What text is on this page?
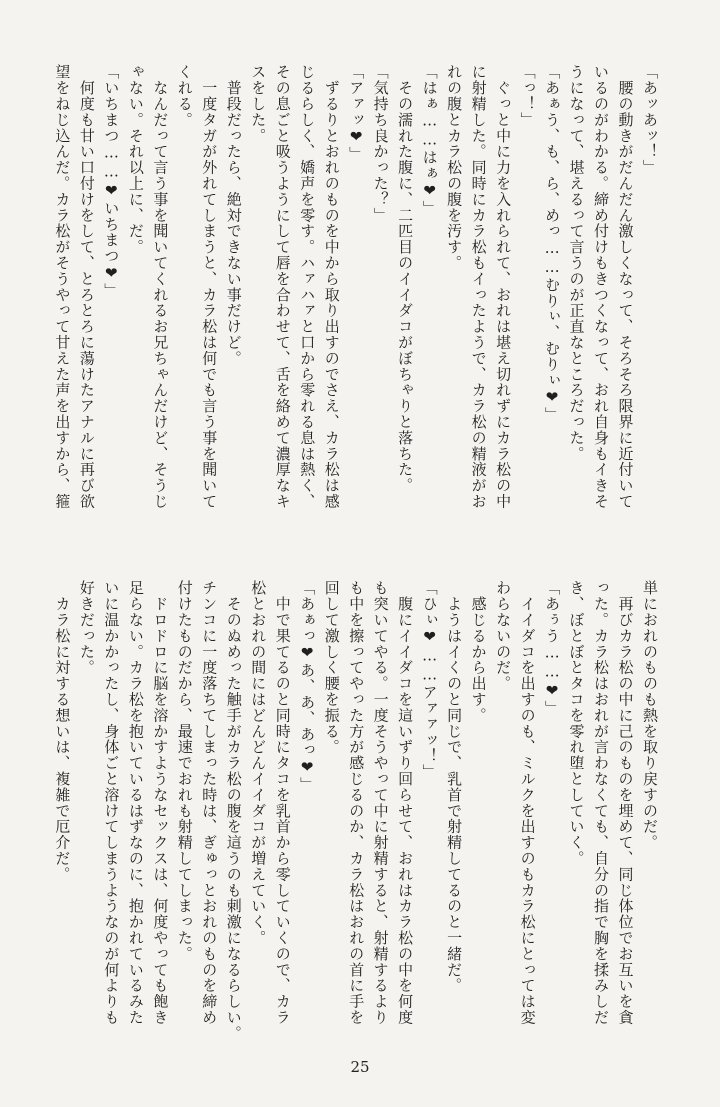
「あッあッ！」
　腰の動きがだんだん激しくなって、そろそろ限界に近付いて
いるのがわかる。締め付けもきつくなって、おれ自身もイきそ
うになって、堪えるって言うのが正直なところだった。
「あぁう、も、ら、めっ……むりぃ、むりぃ❤」
「っ！」
　ぐっと中に力を入れられて、おれは堪え切れずにカラ松の中
に射精した。同時にカラ松もイったようで、カラ松の精液がお
れの腹とカラ松の腹を汚す。
「はぁ……はぁ❤」
　その濡れた腹に、二匹目のイイダコがぼちゃりと落ちた。
「気持ち良かった？」
「アァッ❤」
　ずるりとおれのものを中から取り出すのでさえ、カラ松は感
じるらしく、嬌声を零す。ハァハァと口から零れる息は熱く、
その息ごと吸うようにして唇を合わせて、舌を絡めて濃厚なキ
スをした。
　普段だったら、絶対できない事だけど。
　一度タガが外れてしまうと、カラ松は何でも言う事を聞いて
くれる。
　なんだって言う事を聞いてくれるお兄ちゃんだけど、そうじ
ゃない。それ以上に、だ。
「いちまつ……❤いちまつ❤」
　何度も甘い口付けをして、とろとろに蕩けたアナルに再び欲
望をねじ込んだ。カラ松がそうやって甘えた声を出すから、箍
単におれのものも熱を取り戻すのだ。
　再びカラ松の中に己のものを埋めて、同じ体位でお互いを貪
った。カラ松はおれが言わなくても、自分の指で胸を揉みしだ
き、ぼとぼとタコを零れ堕としていく。
「あぅう……❤」
　イイダコを出すのも、ミルクを出すのもカラ松にとっては変
わらないのだ。
　感じるから出す。
　ようはイくのと同じで、乳首で射精してるのと一緒だ。
「ひぃ❤……アァァッ！」
　腹にイイダコを這いずり回らせて、おれはカラ松の中を何度
も突いてやる。一度そうやって中に射精すると、射精するより
も中を擦ってやった方が感じるのか、カラ松はおれの首に手を
回して激しく腰を振る。
「あぁっ❤あ、あ、あっ❤」
　中で果てるのと同時にタコを乳首から零していくので、カラ
松とおれの間にはどんどんイイダコが増えていく。
　そのぬめった触手がカラ松の腹を這うのも刺激になるらしい。
チンコに一度落ちてしまった時は、ぎゅっとおれのものを締め
付けたものだから、最速でおれも射精してしまった。
　ドロドロに脳を溶かすようなセックスは、何度やっても飽き
足らない。カラ松を抱いているはずなのに、抱かれているみた
いに温かかったし、身体ごと溶けてしまうようなのが何よりも
好きだった。
　カラ松に対する想いは、複雑で厄介だ。
25
